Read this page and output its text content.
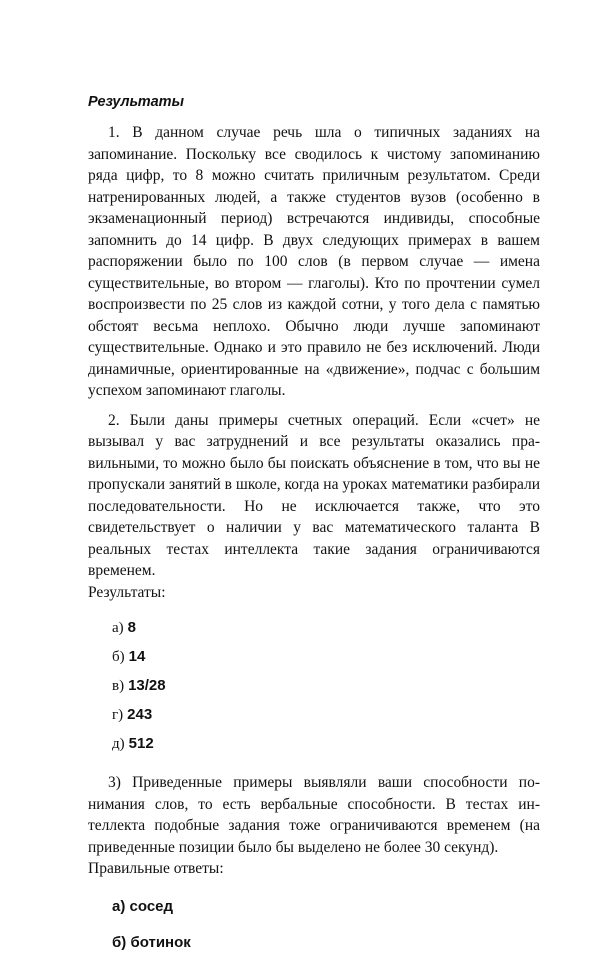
Результаты

1. В данном случае речь шла о типичных заданиях на запоминание. Поскольку все сводилось к чистому запоминанию ряда цифр, то 8 можно считать приличным результатом. Среди натренированных людей, а также студентов вузов (особенно в экзаменационный период) встречаются индивиды, способные запомнить до 14 цифр. В двух следующих примерах в вашем распоряжении было по 100 слов (в первом случае — имена существительные, во втором — глаголы). Кто по прочтении сумел воспроизвести по 25 слов из каждой сотни, у того дела с памятью обстоят весьма неплохо. Обычно люди лучше запоминают существительные. Однако и это правило не без исключений. Люди динамичные, ориентированные на «движение», подчас с большим успехом запоминают глаголы.

2. Были даны примеры счетных операций. Если «счет» не вызывал у вас затруднений и все результаты оказались правильными, то можно было бы поискать объяснение в том, что вы не пропускали занятий в школе, когда на уроках математики разбирали последовательности. Но не исключается также, что это свидетельствует о наличии у вас математического таланта В реальных тестах интеллекта такие задания ограничиваются временем.

Результаты:

а) 8
б) 14
в) 13/28
г) 243
д) 512

3) Приведенные примеры выявляли ваши способности понимания слов, то есть вербальные способности. В тестах интеллекта подобные задания тоже ограничиваются временем (на приведенные позиции было бы выделено не более 30 секунд).

Правильные ответы:

а) сосед
б) ботинок
